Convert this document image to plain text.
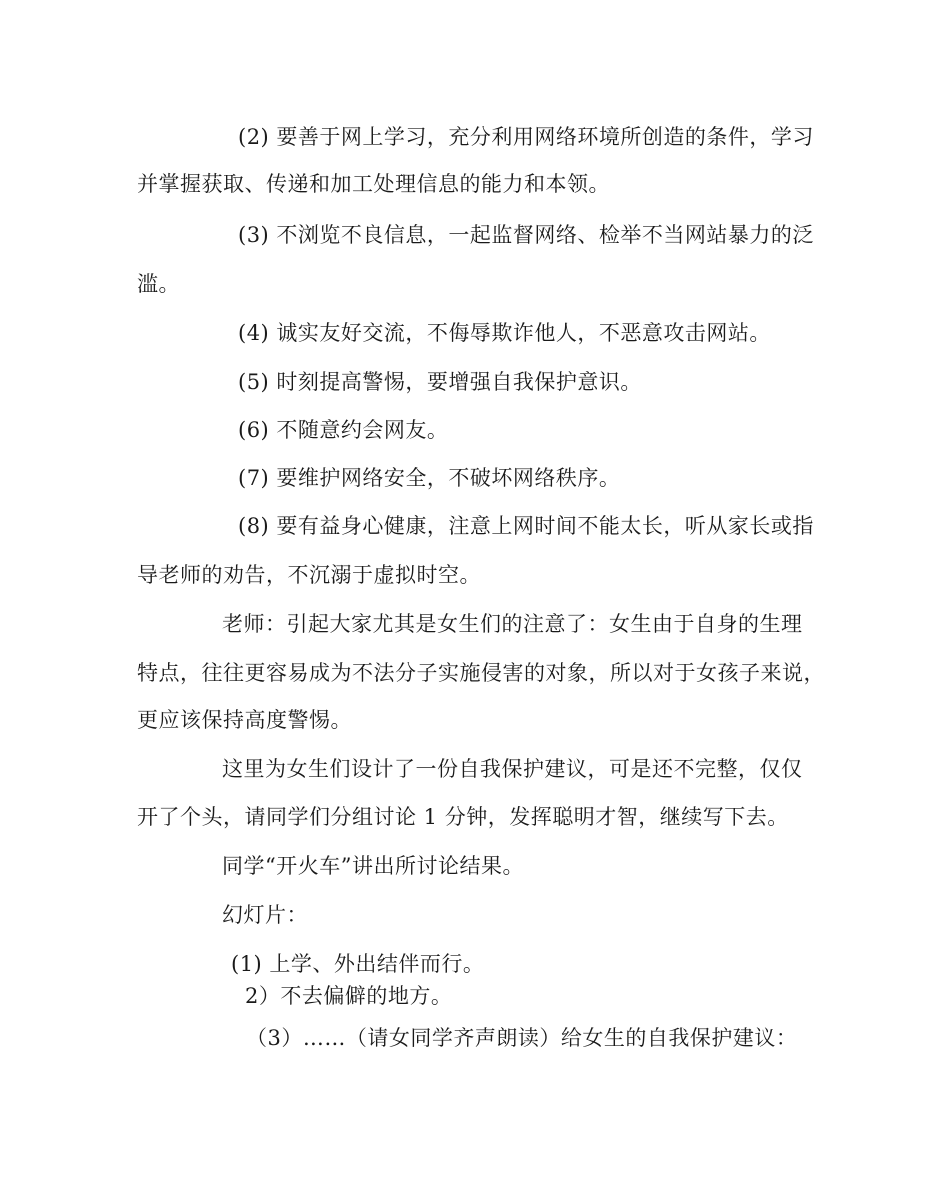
(2) 要善于网上学习，充分利用网络环境所创造的条件，学习
并掌握获取、传递和加工处理信息的能力和本领。
(3) 不浏览不良信息，一起监督网络、检举不当网站暴力的泛
滥。
(4) 诚实友好交流，不侮辱欺诈他人，不恶意攻击网站。
(5) 时刻提高警惕，要增强自我保护意识。
(6) 不随意约会网友。
(7) 要维护网络安全，不破坏网络秩序。
(8) 要有益身心健康，注意上网时间不能太长，听从家长或指
导老师的劝告，不沉溺于虚拟时空。
老师：引起大家尤其是女生们的注意了：女生由于自身的生理
特点，往往更容易成为不法分子实施侵害的对象，所以对于女孩子来说，
更应该保持高度警惕。
这里为女生们设计了一份自我保护建议，可是还不完整，仅仅
开了个头，请同学们分组讨论 1 分钟，发挥聪明才智，继续写下去。
同学“开火车”讲出所讨论结果。
幻灯片：
(1) 上学、外出结伴而行。
2）不去偏僻的地方。
（3）……（请女同学齐声朗读）给女生的自我保护建议：
